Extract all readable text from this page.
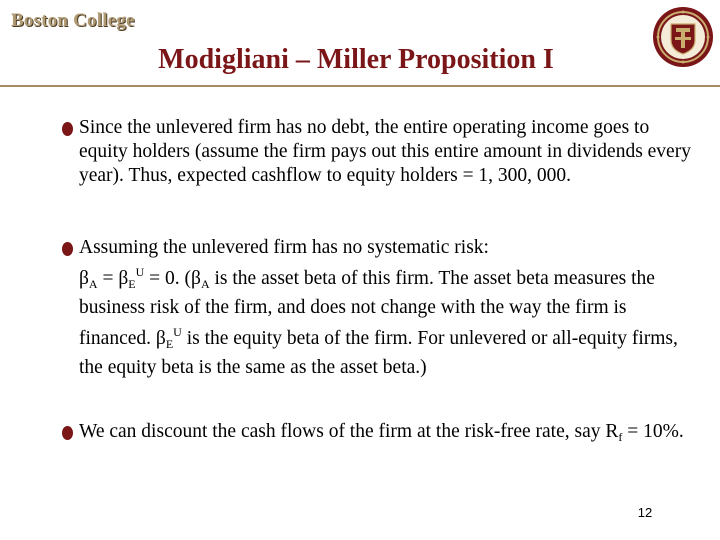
Boston College
Modigliani – Miller Proposition I

Since the unlevered firm has no debt, the entire operating income goes to equity holders (assume the firm pays out this entire amount in dividends every year). Thus, expected cashflow to equity holders = 1, 300, 000.

Assuming the unlevered firm has no systematic risk:
$\beta_A = \beta_E^U = 0$. ($\beta_A$ is the asset beta of this firm. The asset beta measures the business risk of the firm, and does not change with the way the firm is financed. $\beta_E^U$ is the equity beta of the firm. For unlevered or all-equity firms, the equity beta is the same as the asset beta.)

We can discount the cash flows of the firm at the risk-free rate, say $R_f = 10\%$.

12
